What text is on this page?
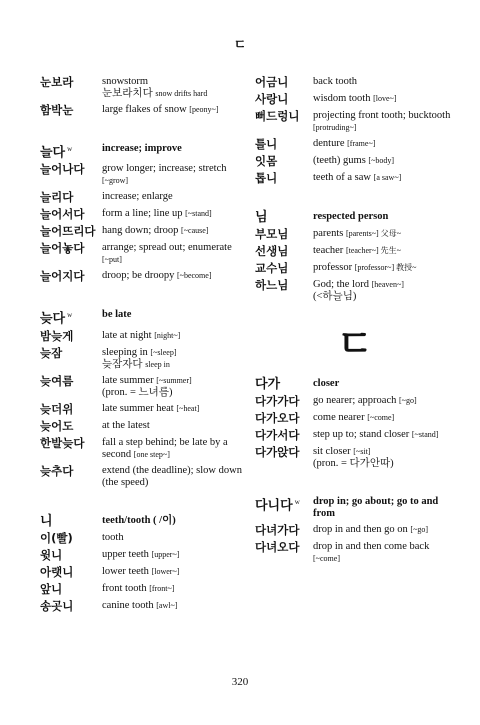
ㄷ
눈보라	snowstorm
눈보라치다 snow drifts hard
함박눈	large flakes of snow [peony~]
늘다 $^w$	increase; improve
늘어나다	grow longer; increase; stretch [~grow]
늘리다	increase; enlarge
늘어서다	form a line; line up [~stand]
늘어뜨리다 hang down; droop [~cause]
늘어놓다	arrange; spread out; enumerate [~put]
늘어지다	droop; be droopy [~become]
늦다 $^w$	be late
밤늦게	late at night [night~]
늦잠	sleeping in [~sleep]
늦잠자다 sleep in
늦여름	late summer [~summer]
(pron. = 느녀름)
늦더위	late summer heat [~heat]
늦어도	at the latest
한발늦다	fall a step behind; be late by a second [one step~]
늦추다	extend (the deadline); slow down (the speed)
니	teeth/tooth ( /이)
이(빨)	tooth
윗니	upper teeth [upper~]
아랫니	lower teeth [lower~]
앞니	front tooth [front~]
송곳니	canine tooth [awl~]
어금니	back tooth
사랑니	wisdom tooth [love~]
뻐드렁니	projecting front tooth; bucktooth [protruding~]
틀니	denture [frame~]
잇몸	(teeth) gums [~body]
톱니	teeth of a saw [a saw~]
님	respected person
부모님	parents [parents~] 父母~
선생님	teacher [teacher~] 先生~
교수님	professor [professor~] 教授~
하느님	God; the lord [heaven~]
(<하늘님)
ㄷ
다가	closer
다가가다	go nearer; approach [~go]
다가오다	come nearer [~come]
다가서다	step up to; stand closer [~stand]
다가앉다	sit closer [~sit]
(pron. = 다가안따)
다니다 $^w$	drop in; go about; go to and from
다녀가다	drop in and then go on [~go]
다녀오다	drop in and then come back [~come]
320
